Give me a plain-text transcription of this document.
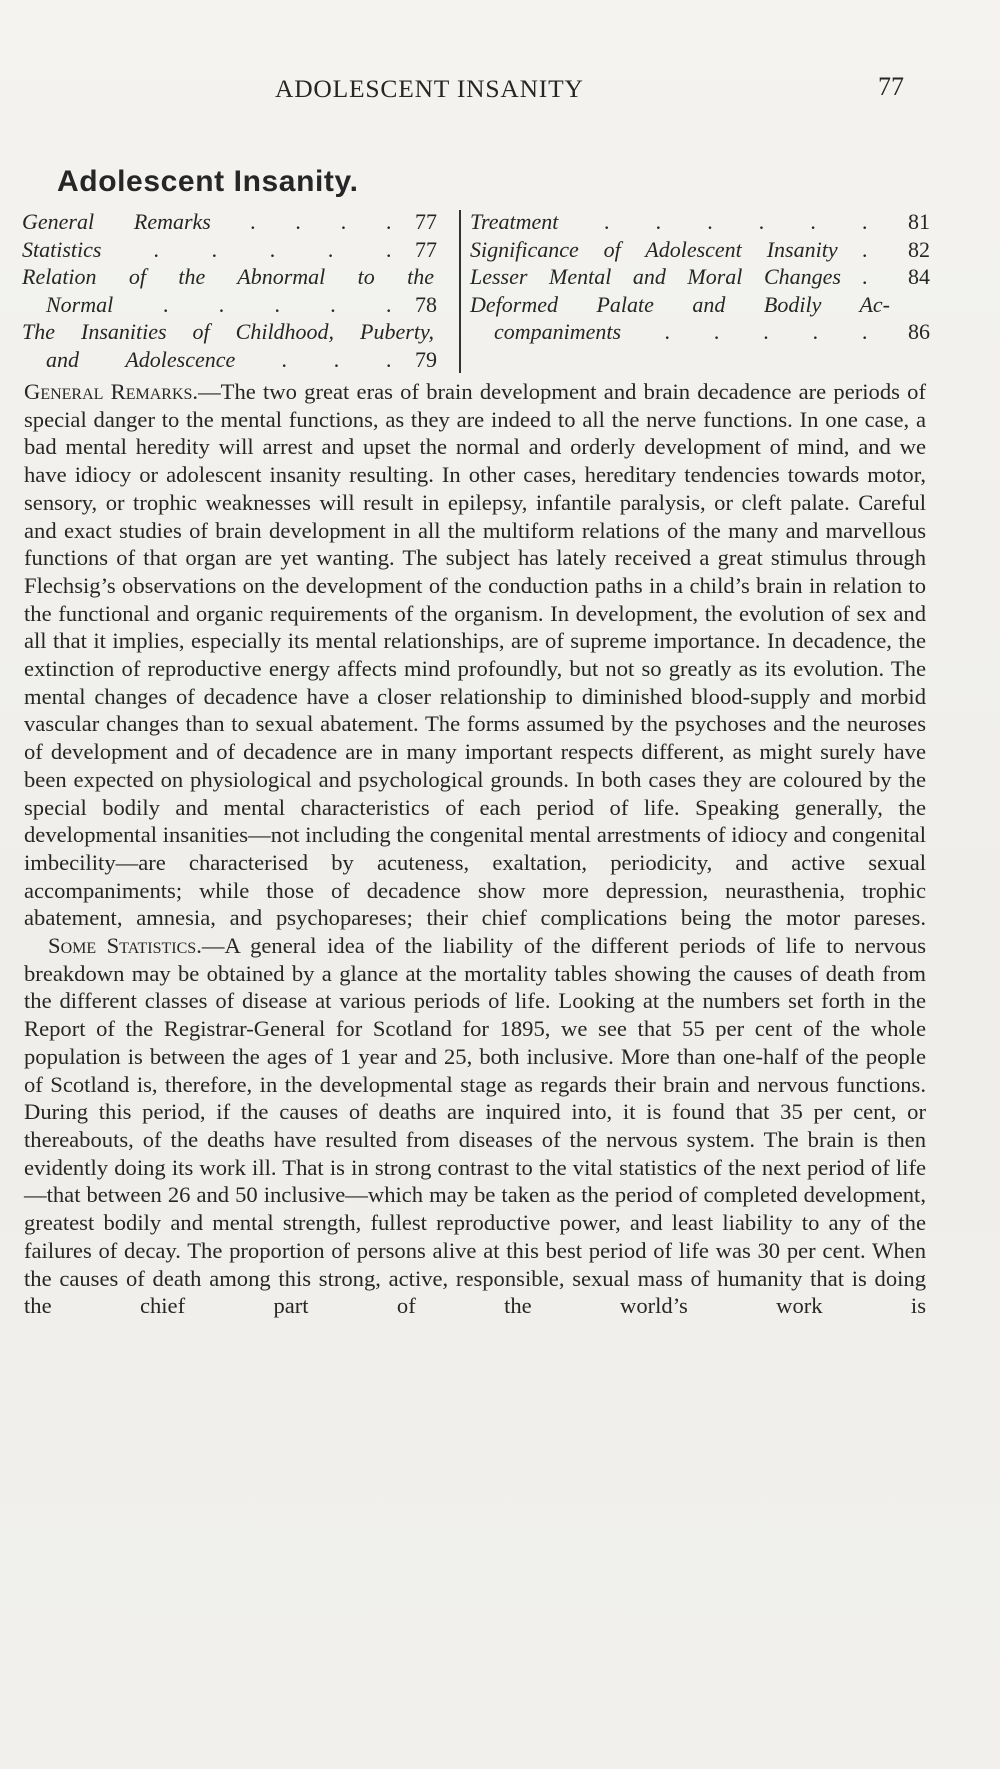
ADOLESCENT INSANITY	77
Adolescent Insanity.
General Remarks . . . . 77
Statistics . . . . . 77
Relation of the Abnormal to the
Normal . . . . . 78
The Insanities of Childhood, Puberty,
and Adolescence . . . 79
Treatment . . . . . . 81
Significance of Adolescent Insanity . 82
Lesser Mental and Moral Changes . 84
Deformed Palate and Bodily Ac-
companiments . . . . . 86

General Remarks.—The two great eras of brain development and brain decadence are periods of special danger to the mental functions, as they are indeed to all the nerve functions. In one case, a bad mental heredity will arrest and upset the normal and orderly development of mind, and we have idiocy or adolescent insanity resulting. In other cases, hereditary tendencies towards motor, sensory, or trophic weaknesses will result in epilepsy, infantile paralysis, or cleft palate. Careful and exact studies of brain development in all the multiform relations of the many and marvellous functions of that organ are yet wanting. The subject has lately received a great stimulus through Flechsig’s observations on the development of the conduction paths in a child’s brain in relation to the functional and organic requirements of the organism. In development, the evolution of sex and all that it implies, especially its mental relationships, are of supreme importance. In decadence, the extinction of reproductive energy affects mind profoundly, but not so greatly as its evolution. The mental changes of decadence have a closer relationship to diminished blood-supply and morbid vascular changes than to sexual abatement. The forms assumed by the psychoses and the neuroses of development and of decadence are in many important respects different, as might surely have been expected on physiological and psychological grounds. In both cases they are coloured by the special bodily and mental characteristics of each period of life. Speaking generally, the developmental insanities—not including the congenital mental arrestments of idiocy and congenital imbecility—are characterised by acuteness, exaltation, periodicity, and active sexual accompaniments; while those of decadence show more depression, neurasthenia, trophic abatement, amnesia, and psychopareses; their chief complications being the motor pareses.

Some Statistics.—A general idea of the liability of the different periods of life to nervous breakdown may be obtained by a glance at the mortality tables showing the causes of death from the different classes of disease at various periods of life. Looking at the numbers set forth in the Report of the Registrar-General for Scotland for 1895, we see that 55 per cent of the whole population is between the ages of 1 year and 25, both inclusive. More than one-half of the people of Scotland is, therefore, in the developmental stage as regards their brain and nervous functions. During this period, if the causes of deaths are inquired into, it is found that 35 per cent, or thereabouts, of the deaths have resulted from diseases of the nervous system. The brain is then evidently doing its work ill. That is in strong contrast to the vital statistics of the next period of life—that between 26 and 50 inclusive—which may be taken as the period of completed development, greatest bodily and mental strength, fullest reproductive power, and least liability to any of the failures of decay. The proportion of persons alive at this best period of life was 30 per cent. When the causes of death among this strong, active, responsible, sexual mass of humanity that is doing the chief part of the world’s work is
